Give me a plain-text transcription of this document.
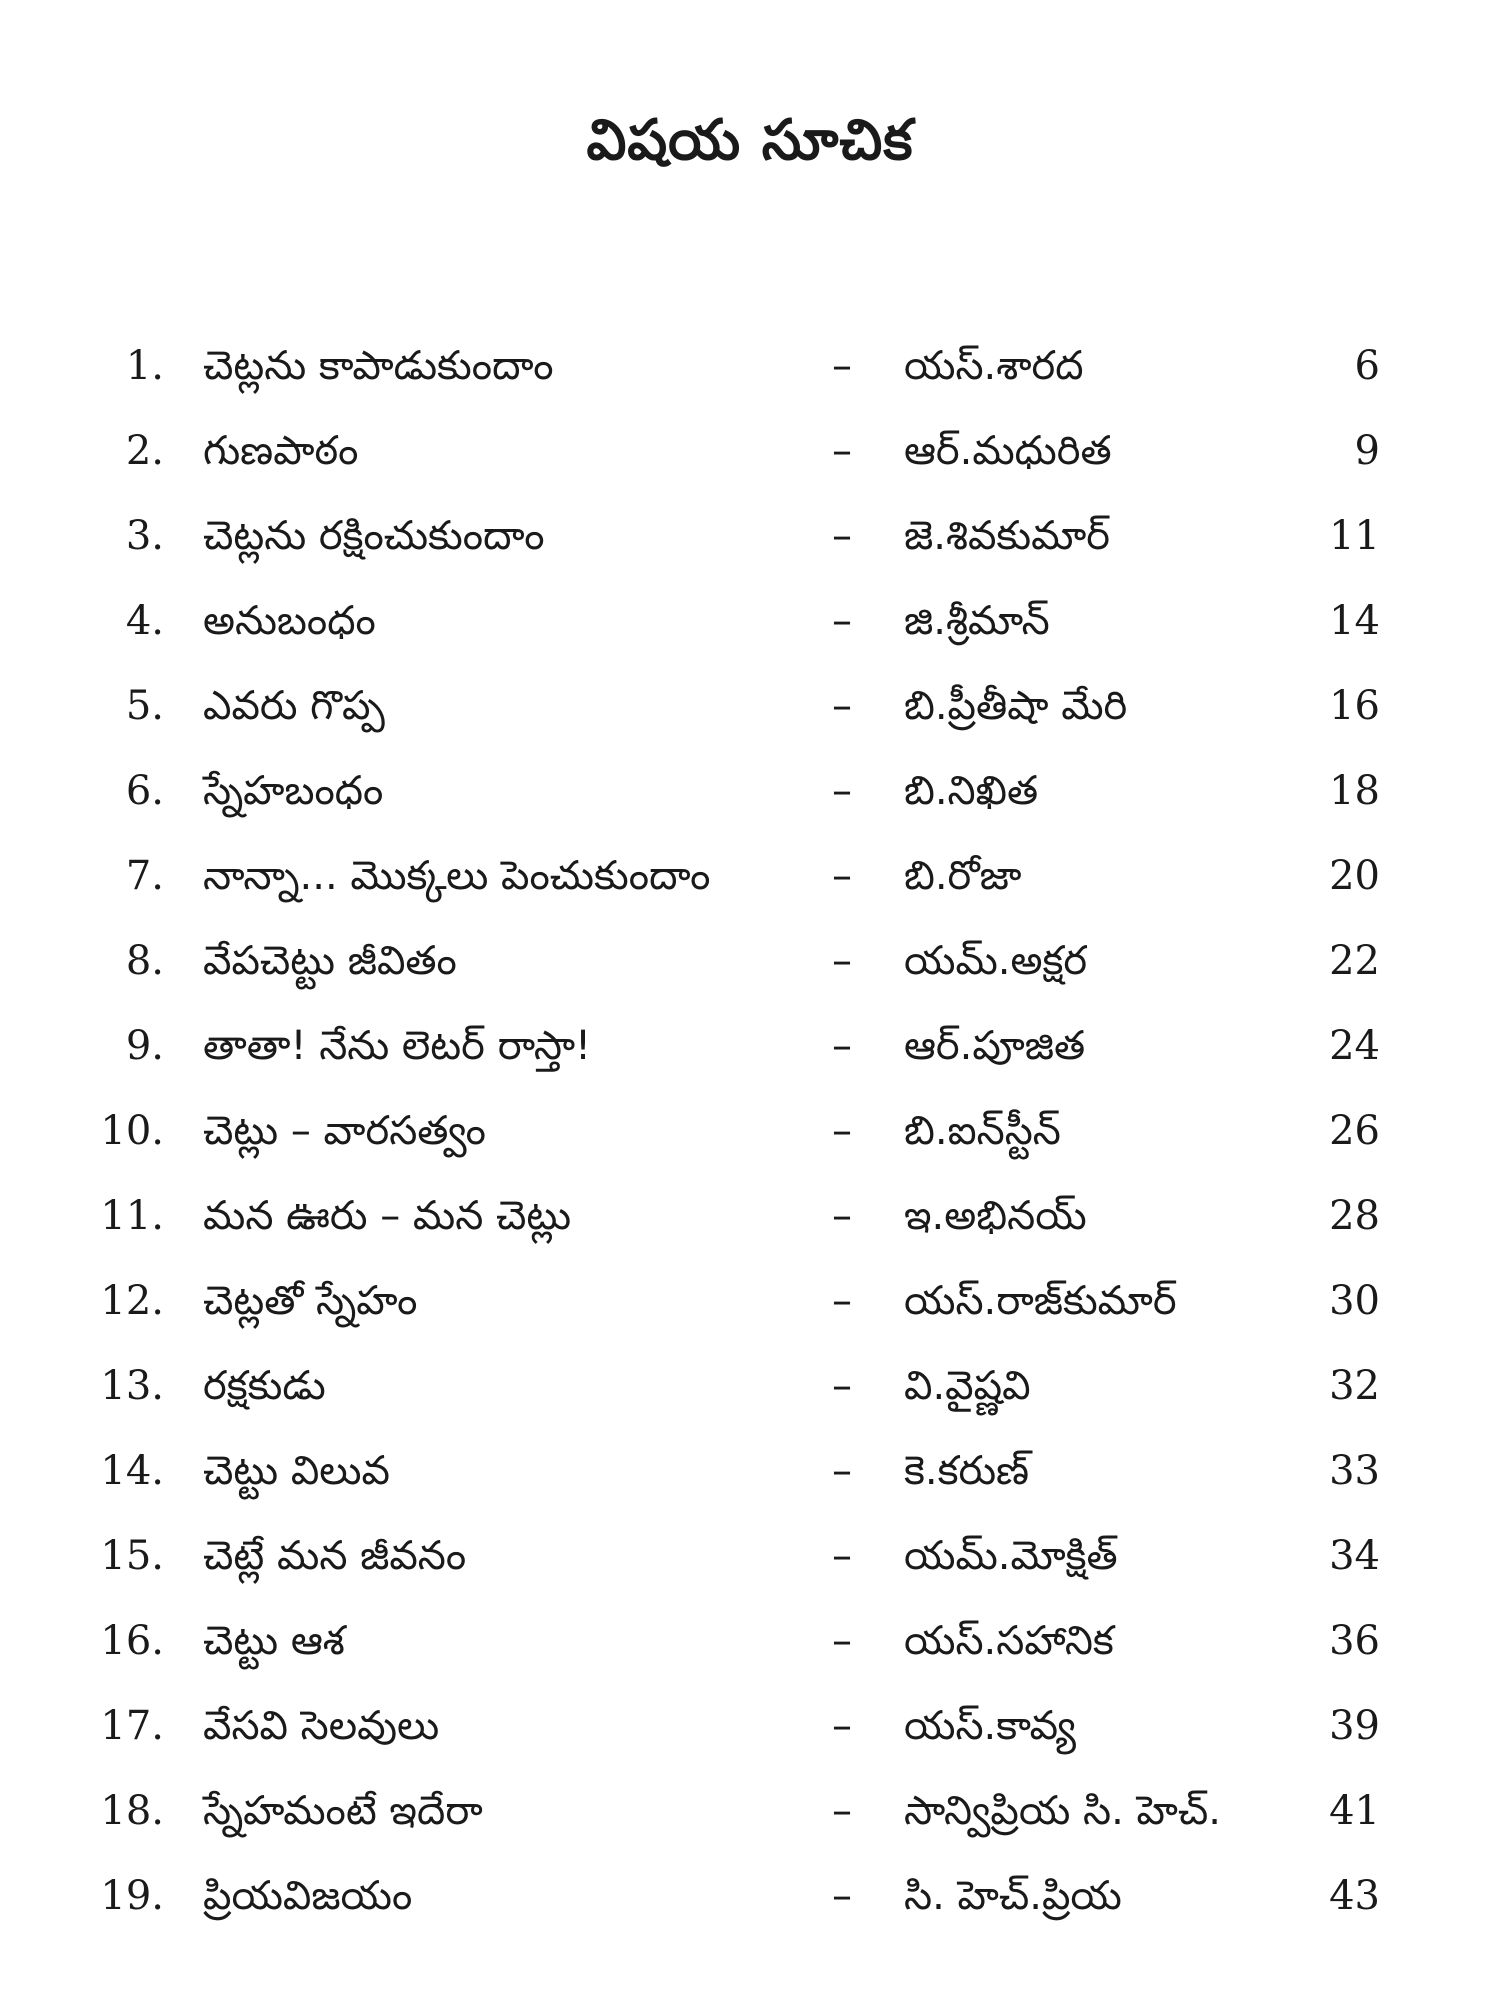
విషయ సూచిక
1. చెట్లను కాపాడుకుందాం	– యస్.శారద	6
2. గుణపాఠం	– ఆర్.మధురిత	9
3. చెట్లను రక్షించుకుందాం	– జె.శివకుమార్	11
4. అనుబంధం	– జి.శ్రీమాన్	14
5. ఎవరు గొప్ప	– బి.ప్రీతీషా మేరి	16
6. స్నేహబంధం	– బి.నిఖిత	18
7. నాన్నా... మొక్కలు పెంచుకుందాం	– బి.రోజా	20
8. వేపచెట్టు జీవితం	– యమ్.అక్షర	22
9. తాతా! నేను లెటర్ రాస్తా!	– ఆర్.పూజిత	24
10. చెట్లు – వారసత్వం	– బి.ఐన్‌స్టీన్	26
11. మన ఊరు – మన చెట్లు	– ఇ.అభినయ్	28
12. చెట్లతో స్నేహం	– యస్.రాజ్‌కుమార్	30
13. రక్షకుడు	– వి.వైష్ణవి	32
14. చెట్టు విలువ	– కె.కరుణ్	33
15. చెట్లే మన జీవనం	– యమ్.మోక్షిత్	34
16. చెట్టు ఆశ	– యస్.సహానిక	36
17. వేసవి సెలవులు	– యస్.కావ్య	39
18. స్నేహమంటే ఇదేరా	– సాన్విప్రియ సి. హెచ్.	41
19. ప్రియవిజయం	– సి. హెచ్.ప్రియ	43
